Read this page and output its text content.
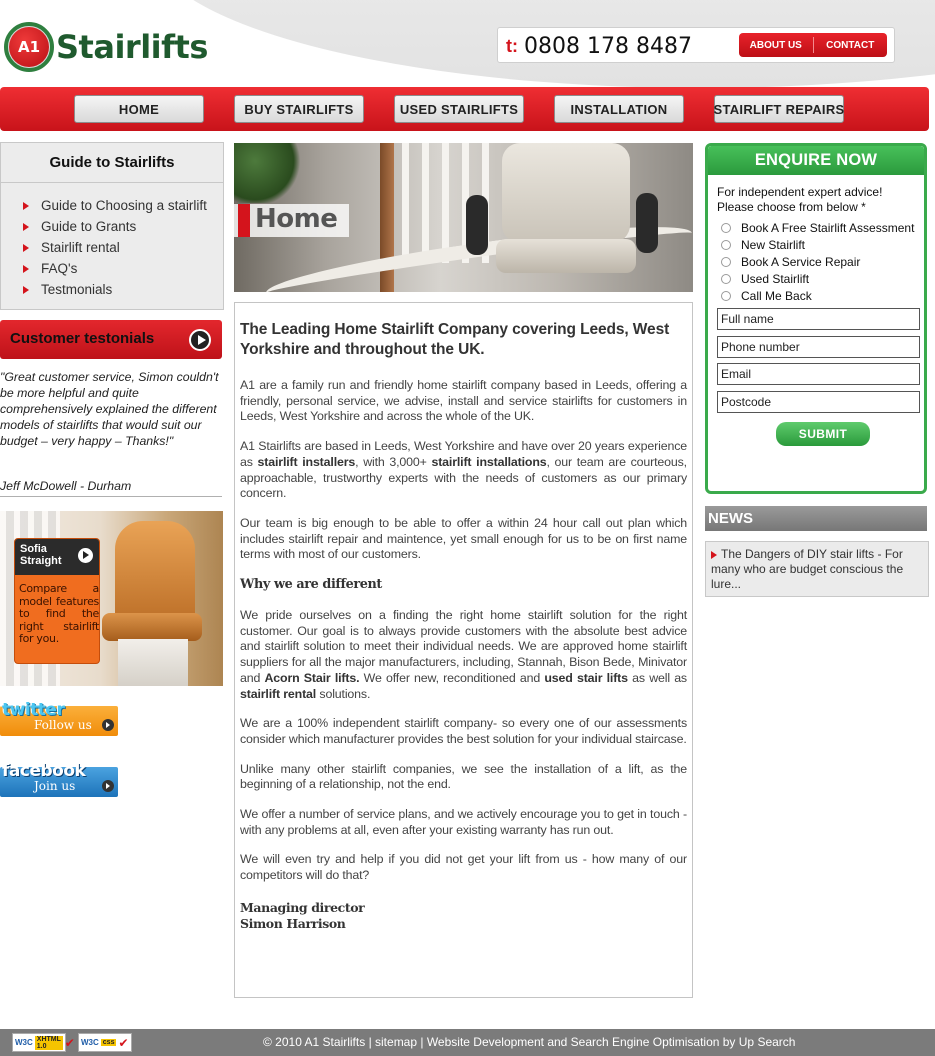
A1 Stairlifts	t: 0808 178 8487	ABOUT US	CONTACT
HOME	BUY STAIRLIFTS	USED STAIRLIFTS	INSTALLATION	STAIRLIFT REPAIRS
Guide to Stairlifts
Guide to Choosing a stairlift
Guide to Grants
Stairlift rental
FAQ's
Testmonials
Customer testonials
"Great customer service, Simon couldn't be more helpful and quite comprehensively explained the different models of stairlifts that would suit our budget – very happy – Thanks!"
Jeff McDowell - Durham
Sofia Straight
Compare a model features to find the right stairlift for you.
twitter
Follow us
facebook
Join us
Home
The Leading Home Stairlift Company covering Leeds, West Yorkshire and throughout the UK.

A1 are a family run and friendly home stairlift company based in Leeds, offering a friendly, personal service, we advise, install and service stairlifts for customers in Leeds, West Yorkshire and across the whole of the UK.

A1 Stairlifts are based in Leeds, West Yorkshire and have over 20 years experience as stairlift installers, with 3,000+ stairlift installations, our team are courteous, approachable, trustworthy experts with the needs of customers as our primary concern.

Our team is big enough to be able to offer a within 24 hour call out plan which includes stairlift repair and maintence, yet small enough for us to be on first name terms with most of our customers.

Why we are different

We pride ourselves on a finding the right home stairlift solution for the right customer. Our goal is to always provide customers with the absolute best advice and stairlift solution to meet their individual needs. We are approved home stairlift suppliers for all the major manufacturers, including, Stannah, Bison Bede, Minivator and Acorn Stair lifts. We offer new, reconditioned and used stair lifts as well as stairlift rental solutions.

We are a 100% independent stairlift company- so every one of our assessments consider which manufacturer provides the best solution for your individual staircase.

Unlike many other stairlift companies, we see the installation of a lift, as the beginning of a relationship, not the end.

We offer a number of service plans, and we actively encourage you to get in touch - with any problems at all, even after your existing warranty has run out.

We will even try and help if you did not get your lift from us - how many of our competitors will do that?

Managing director
Simon Harrison
ENQUIRE NOW
For independent expert advice!
Please choose from below *
Book A Free Stairlift Assessment
New Stairlift
Book A Service Repair
Used Stairlift
Call Me Back
Full name
Phone number
Email
Postcode
SUBMIT
NEWS
The Dangers of DIY stair lifts - For many who are budget conscious the lure...
W3C XHTML 1.0	✔ W3C css ✔	© 2010 A1 Stairlifts | sitemap | Website Development and Search Engine Optimisation by Up Search
